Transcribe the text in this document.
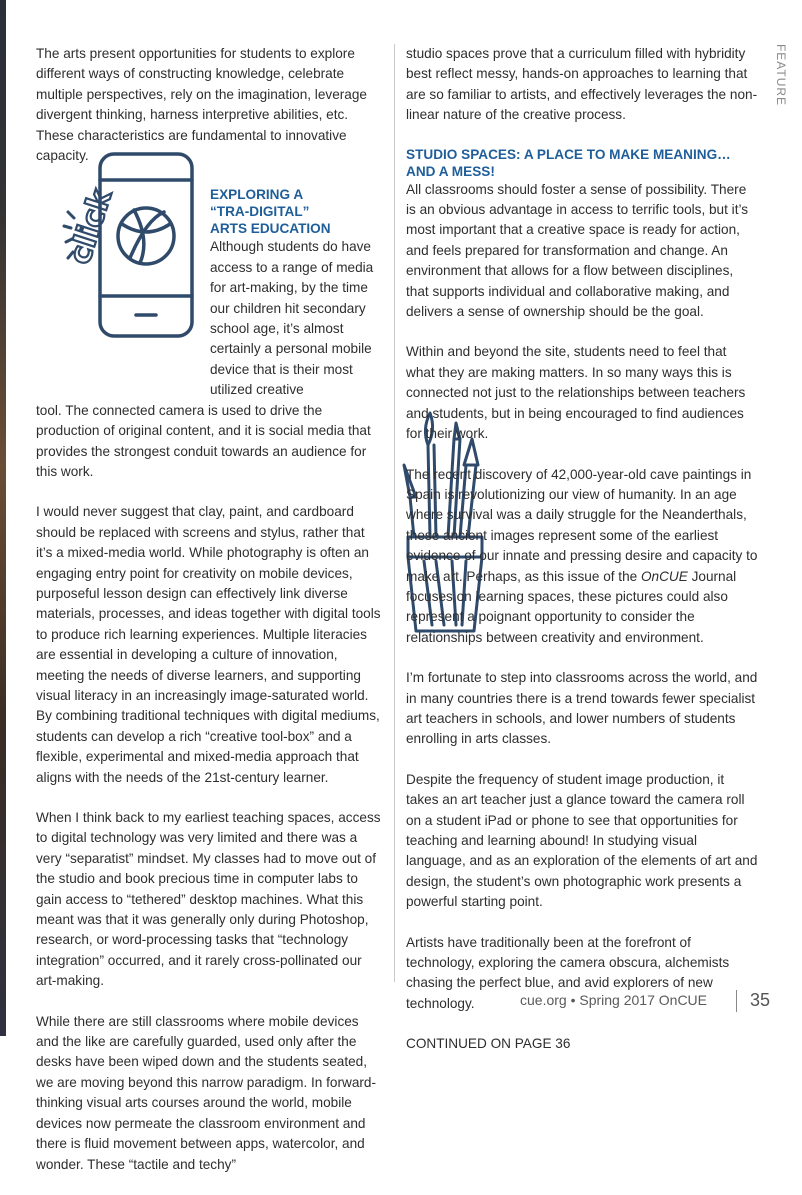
FEATURE
click

The arts present opportunities for students to explore different ways of constructing knowledge, celebrate multiple perspectives, rely on the imagination, leverage divergent thinking, harness interpretive abilities, etc. These characteristics are fundamental to innovative capacity.

EXPLORING A
“TRA-DIGITAL”
ARTS EDUCATION
Although students do have access to a range of media for art-making, by the time our children hit secondary school age, it’s almost certainly a personal mobile device that is their most utilized creative

tool. The connected camera is used to drive the production of original content, and it is social media that provides the strongest conduit towards an audience for this work.

I would never suggest that clay, paint, and cardboard should be replaced with screens and stylus, rather that it’s a mixed-media world. While photography is often an engaging entry point for creativity on mobile devices, purposeful lesson design can effectively link diverse materials, processes, and ideas together with digital tools to produce rich learning experiences. Multiple literacies are essential in developing a culture of innovation, meeting the needs of diverse learners, and supporting visual literacy in an increasingly image-saturated world. By combining traditional techniques with digital mediums, students can develop a rich “creative tool-box” and a flexible, experimental and mixed-media approach that aligns with the needs of the 21st-century learner.

When I think back to my earliest teaching spaces, access to digital technology was very limited and there was a very “separatist” mindset. My classes had to move out of the studio and book precious time in computer labs to gain access to “tethered” desktop machines. What this meant was that it was generally only during Photoshop, research, or word-processing tasks that “technology integration” occurred, and it rarely cross-pollinated our art-making.

While there are still classrooms where mobile devices and the like are carefully guarded, used only after the desks have been wiped down and the students seated, we are moving beyond this narrow paradigm. In forward-thinking visual arts courses around the world, mobile devices now permeate the classroom environment and there is fluid movement between apps, watercolor, and wonder. These “tactile and techy”

studio spaces prove that a curriculum filled with hybridity best reflect messy, hands-on approaches to learning that are so familiar to artists, and effectively leverages the non-linear nature of the creative process.

STUDIO SPACES: A PLACE TO MAKE MEANING…
AND A MESS!

All classrooms should foster a sense of possibility. There is an obvious advantage in access to terrific tools, but it’s most important that a creative space is ready for action, and feels prepared for transformation and change. An environment that allows for a flow between disciplines, that supports individual and collaborative making, and delivers a sense of ownership should be the goal.

Within and beyond the site, students need to feel that what they are making matters. In so many ways this is connected not just to the relationships between teachers and students, but in being encouraged to find audiences for their work.

The recent discovery of 42,000-year-old cave paintings in Spain is revolutionizing our view of humanity. In an age where survival was a daily struggle for the Neanderthals, these ancient images represent some of the earliest evidence of our innate and pressing desire and capacity to make art. Perhaps, as this issue of the OnCUE Journal focuses on learning spaces, these pictures could also represent a poignant opportunity to consider the relationships between creativity and environment.

I’m fortunate to step into classrooms across the world, and in many countries there is a trend towards fewer specialist art teachers in schools, and lower numbers of students enrolling in arts classes.

Despite the frequency of student image production, it takes an art teacher just a glance toward the camera roll on a student iPad or phone to see that opportunities for teaching and learning abound! In studying visual language, and as an exploration of the elements of art and design, the student’s own photographic work presents a powerful starting point.

Artists have traditionally been at the forefront of technology, exploring the camera obscura, alchemists chasing the perfect blue, and avid explorers of new technology.

CONTINUED ON PAGE 36
cue.org • Spring 2017 OnCUE 35
